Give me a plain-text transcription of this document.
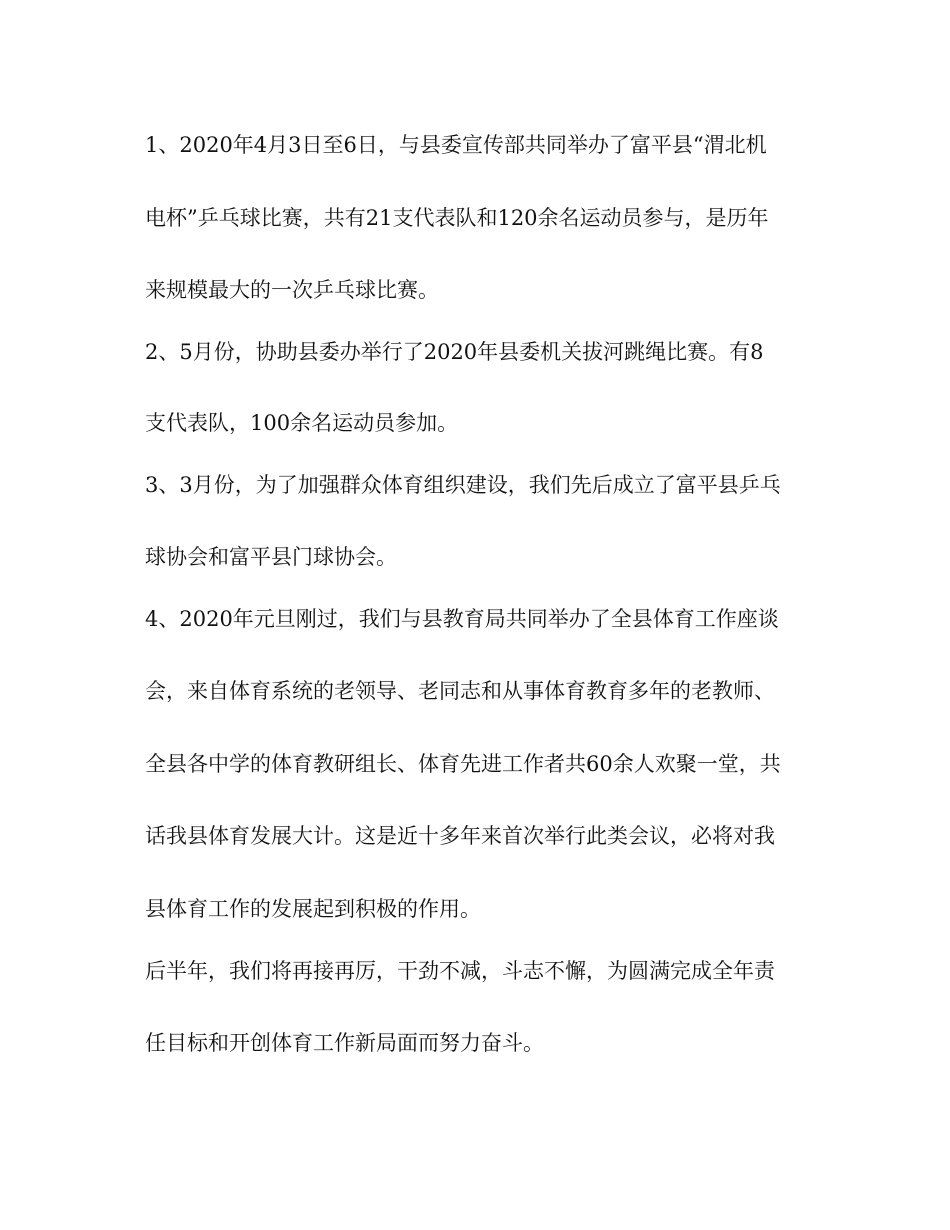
1、2020年4月3日至6日，与县委宣传部共同举办了富平县“渭北机
电杯”乒乓球比赛，共有21支代表队和120余名运动员参与，是历年
来规模最大的一次乒乓球比赛。
2、5月份，协助县委办举行了2020年县委机关拔河跳绳比赛。有8
支代表队，100余名运动员参加。
3、3月份，为了加强群众体育组织建设，我们先后成立了富平县乒乓
球协会和富平县门球协会。
4、2020年元旦刚过，我们与县教育局共同举办了全县体育工作座谈
会，来自体育系统的老领导、老同志和从事体育教育多年的老教师、
全县各中学的体育教研组长、体育先进工作者共60余人欢聚一堂，共
话我县体育发展大计。这是近十多年来首次举行此类会议，必将对我
县体育工作的发展起到积极的作用。
后半年，我们将再接再厉，干劲不减，斗志不懈，为圆满完成全年责
任目标和开创体育工作新局面而努力奋斗。
